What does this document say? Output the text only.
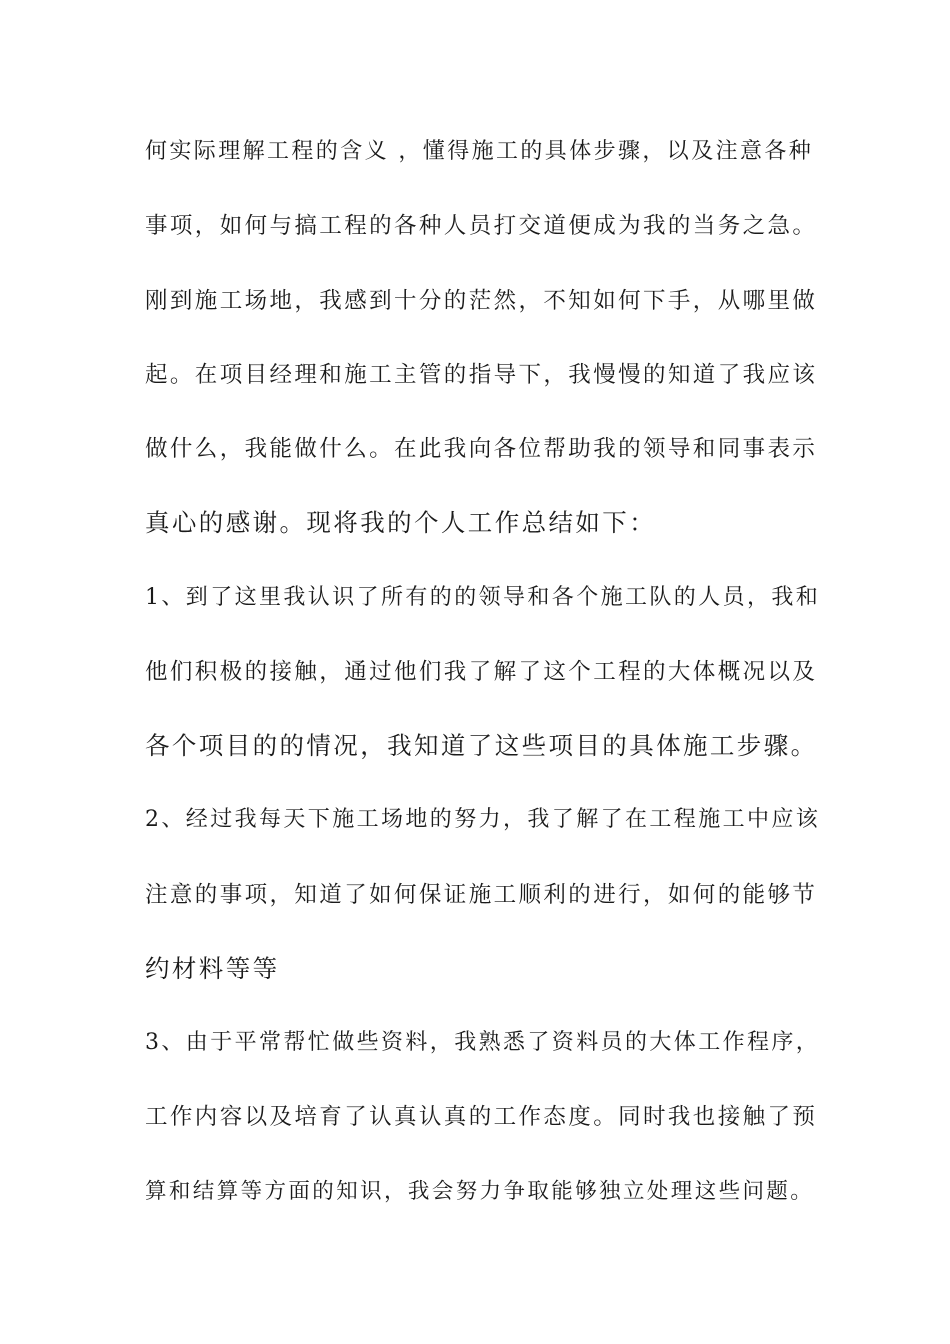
何实际理解工程的含义 ，懂得施工的具体步骤，以及注意各种
事项，如何与搞工程的各种人员打交道便成为我的当务之急。
刚到施工场地，我感到十分的茫然，不知如何下手，从哪里做
起。在项目经理和施工主管的指导下，我慢慢的知道了我应该
做什么，我能做什么。在此我向各位帮助我的领导和同事表示
真心的感谢。现将我的个人工作总结如下：
1、到了这里我认识了所有的的领导和各个施工队的人员，我和
他们积极的接触，通过他们我了解了这个工程的大体概况以及
各个项目的的情况，我知道了这些项目的具体施工步骤。
2、经过我每天下施工场地的努力，我了解了在工程施工中应该
注意的事项，知道了如何保证施工顺利的进行，如何的能够节
约材料等等
3、由于平常帮忙做些资料，我熟悉了资料员的大体工作程序，
工作内容以及培育了认真认真的工作态度。同时我也接触了预
算和结算等方面的知识，我会努力争取能够独立处理这些问题。
